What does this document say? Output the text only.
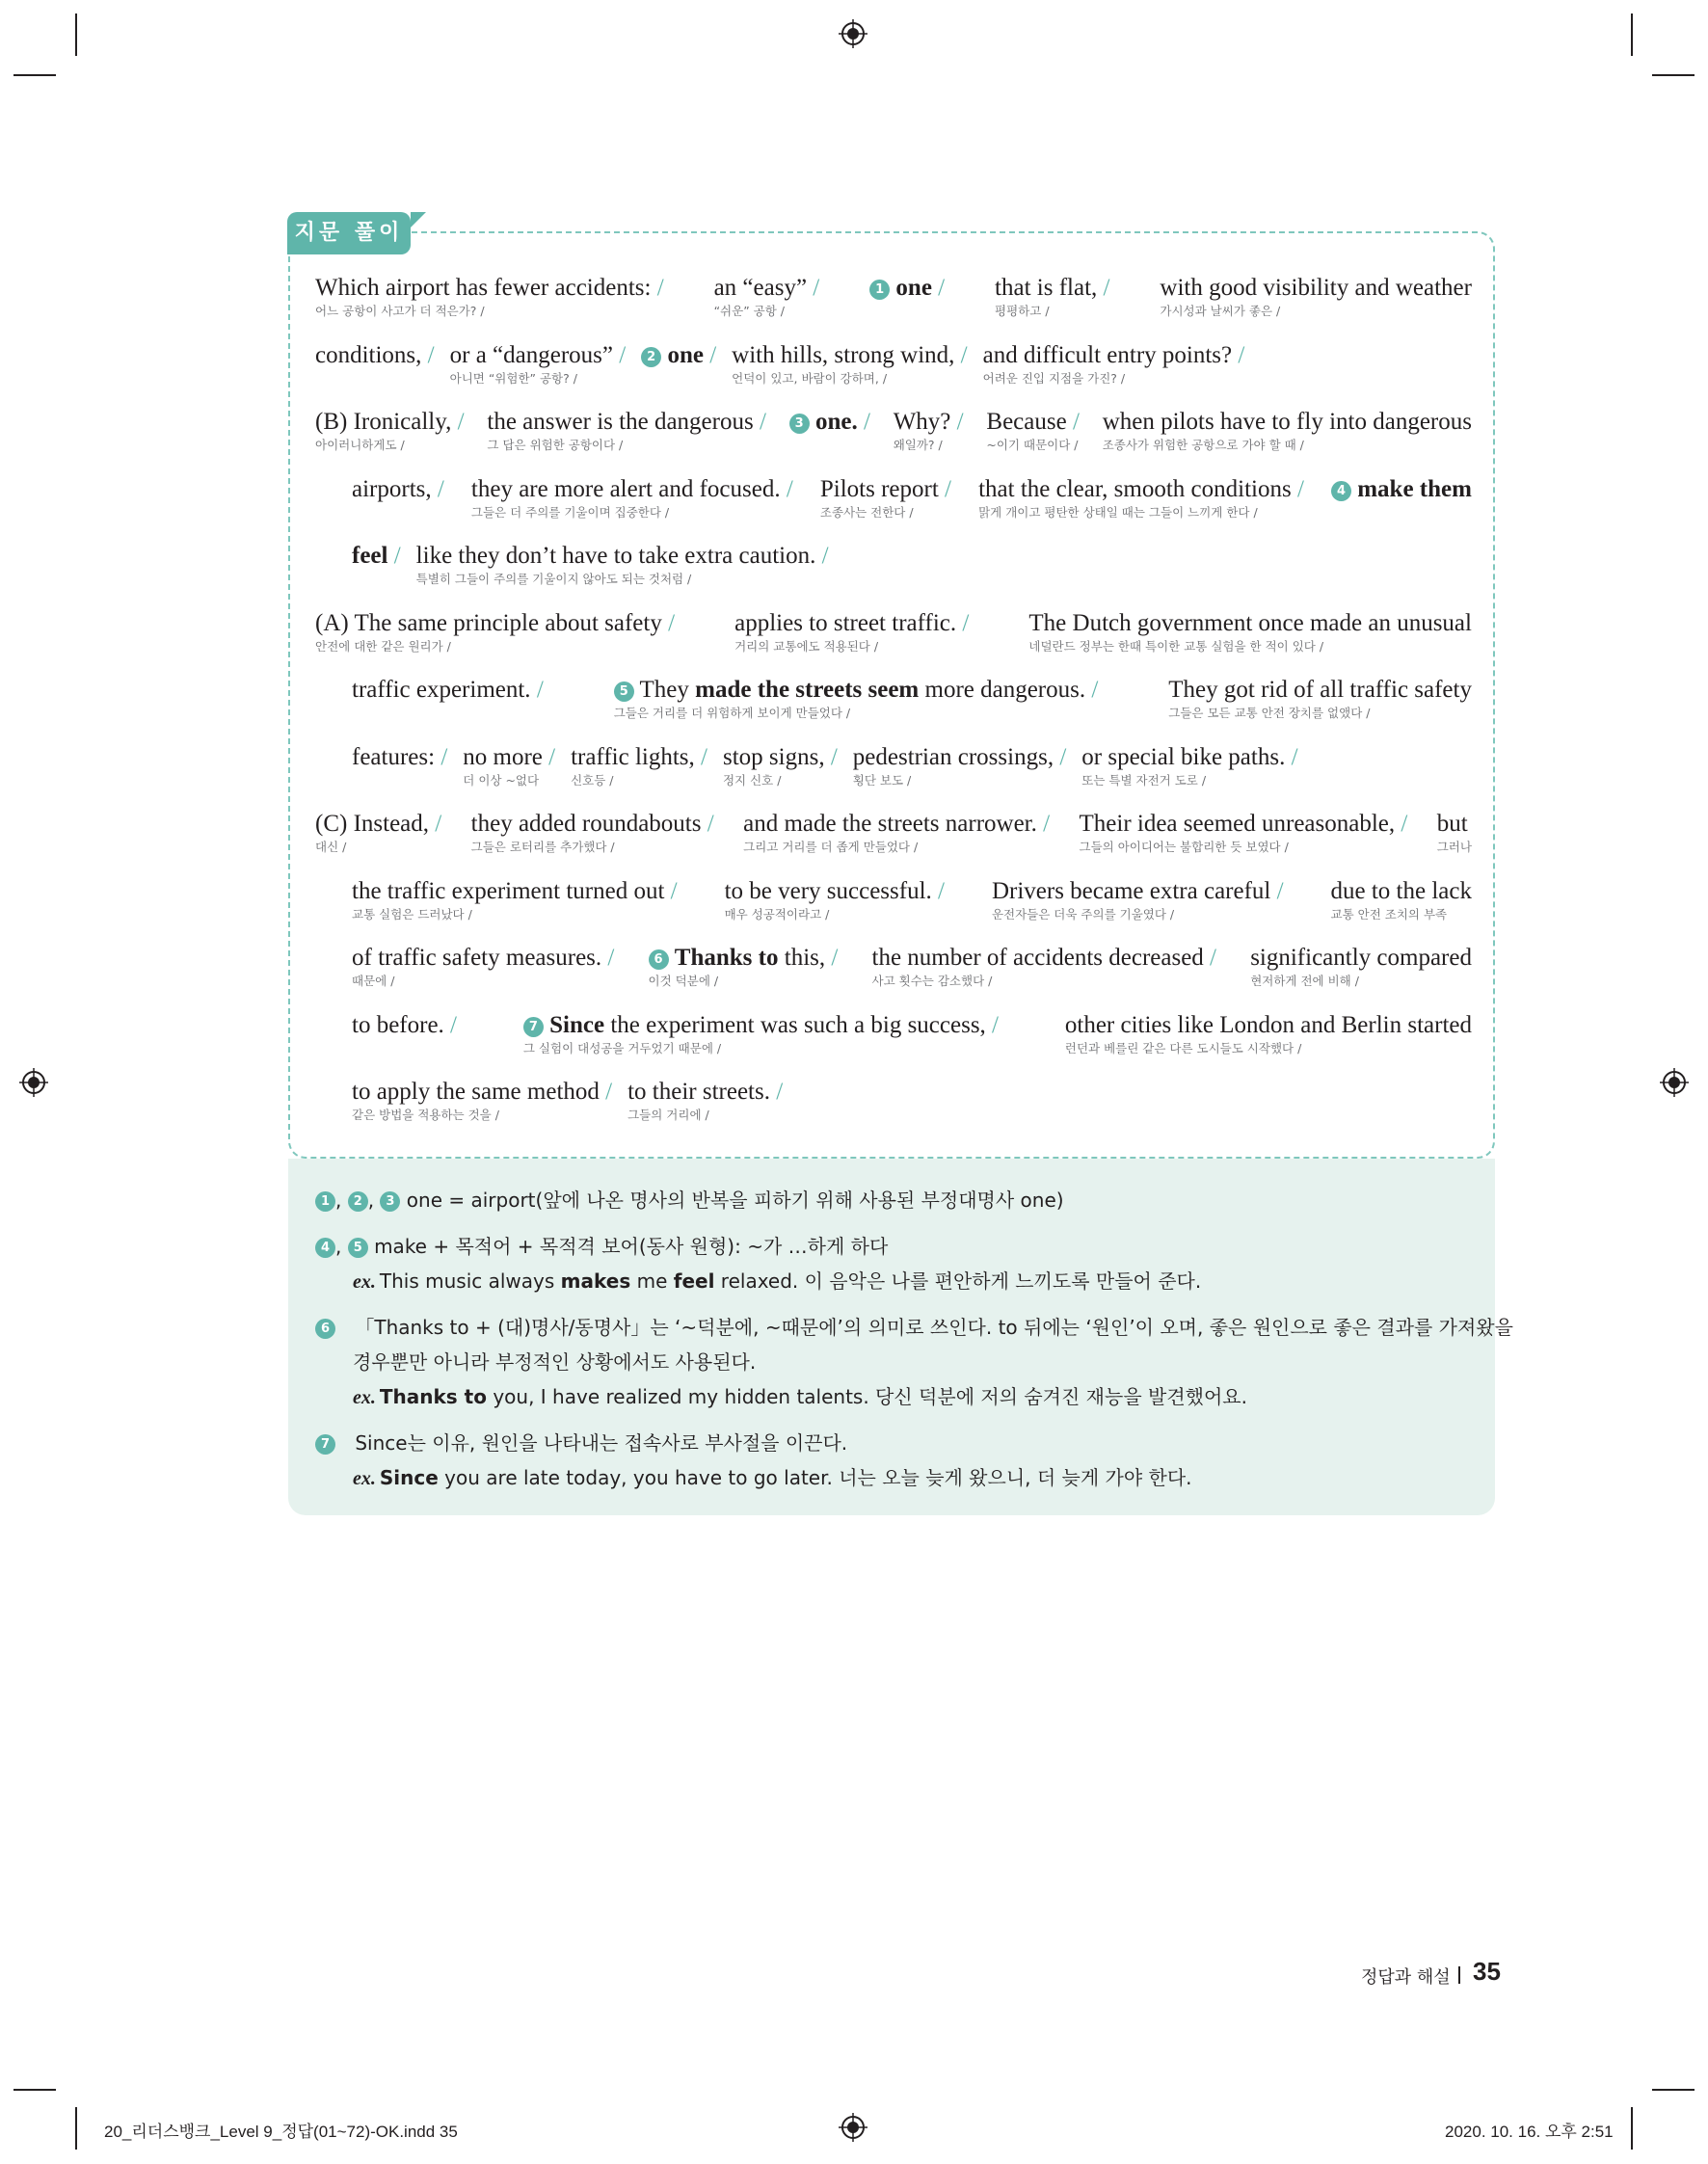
지문 풀이
Which airport has fewer accidents: /
어느 공항이 사고가 더 적은가? /
an “easy” /
“쉬운” 공항 /
1 one / that is flat, /
평평하고 /
with good visibility and weather
가시성과 날씨가 좋은 /
conditions, / or a “dangerous” /
아니면 “위험한” 공항? /
2 one / with hills, strong wind, /
언덕이 있고, 바람이 강하며, /
and difficult entry points? /
어려운 진입 지점을 가진? /
(B) Ironically, /
아이러니하게도 /
the answer is the dangerous /
그 답은 위험한 공항이다 /
3 one. / Why? /
왜일까? /
Because /
~이기 때문이다 /
when pilots have to fly into dangerous
조종사가 위험한 공항으로 가야 할 때 /
airports, / they are more alert and focused. /
그들은 더 주의를 기울이며 집중한다 /
Pilots report /
조종사는 전한다 /
that the clear, smooth conditions /
맑게 개이고 평탄한 상태일 때는 그들이 느끼게 한다 /
4 make them
feel / like they don’t have to take extra caution. /
특별히 그들이 주의를 기울이지 않아도 되는 것처럼 /
(A) The same principle about safety /
안전에 대한 같은 원리가 /
applies to street traffic. /
거리의 교통에도 적용된다 /
The Dutch government once made an unusual
네덜란드 정부는 한때 특이한 교통 실험을 한 적이 있다 /
traffic experiment. /	5 They made the streets seem more dangerous. /
그들은 거리를 더 위험하게 보이게 만들었다 /
They got rid of all traffic safety
그들은 모든 교통 안전 장치를 없앴다 /
features: / no more /
더 이상 ~없다
traffic lights, /
신호등 /
stop signs, /
정지 신호 /
pedestrian crossings, /
횡단 보도 /
or special bike paths. /
또는 특별 자전거 도로 /
(C) Instead, /
대신 /
they added roundabouts /
그들은 로터리를 추가했다 /
and made the streets narrower. /
그리고 거리를 더 좁게 만들었다 /
Their idea seemed unreasonable, /
그들의 아이디어는 불합리한 듯 보였다 /
but
그러나
the traffic experiment turned out /
교통 실험은 드러났다 /
to be very successful. /
매우 성공적이라고 /
Drivers became extra careful /
운전자들은 더욱 주의를 기울였다 /
due to the lack
교통 안전 조치의 부족
of traffic safety measures. /
때문에 /
6 Thanks to this, /
이것 덕분에 /
the number of accidents decreased /
사고 횟수는 감소했다 /
significantly compared
현저하게 전에 비해 /
to before. /	7 Since the experiment was such a big success, /
그 실험이 대성공을 거두었기 때문에 /
other cities like London and Berlin started
런던과 베를린 같은 다른 도시들도 시작했다 /
to apply the same method /
같은 방법을 적용하는 것을 /
to their streets. /
그들의 거리에 /
1 , 2 , 3 one = airport(앞에 나온 명사의 반복을 피하기 위해 사용된 부정대명사 one)
4 , 5 make + 목적어 + 목적격 보어(동사 원형): ~가 …하게 하다
ex. This music always makes me feel relaxed. 이 음악은 나를 편안하게 느끼도록 만들어 준다.
6 「Thanks to + (대)명사/동명사」는 ‘~덕분에, ~때문에’의 의미로 쓰인다. to 뒤에는 ‘원인’이 오며, 좋은 원인으로 좋은 결과를 가져왔을
경우뿐만 아니라 부정적인 상황에서도 사용된다.
ex. Thanks to you, I have realized my hidden talents. 당신 덕분에 저의 숨겨진 재능을 발견했어요.
7 Since는 이유, 원인을 나타내는 접속사로 부사절을 이끈다.
ex. Since you are late today, you have to go later. 너는 오늘 늦게 왔으니, 더 늦게 가야 한다.
정답과 해설 35
20_리더스뱅크_Level 9_정답(01~72)-OK.indd 35	2020. 10. 16. 오후 2:51
